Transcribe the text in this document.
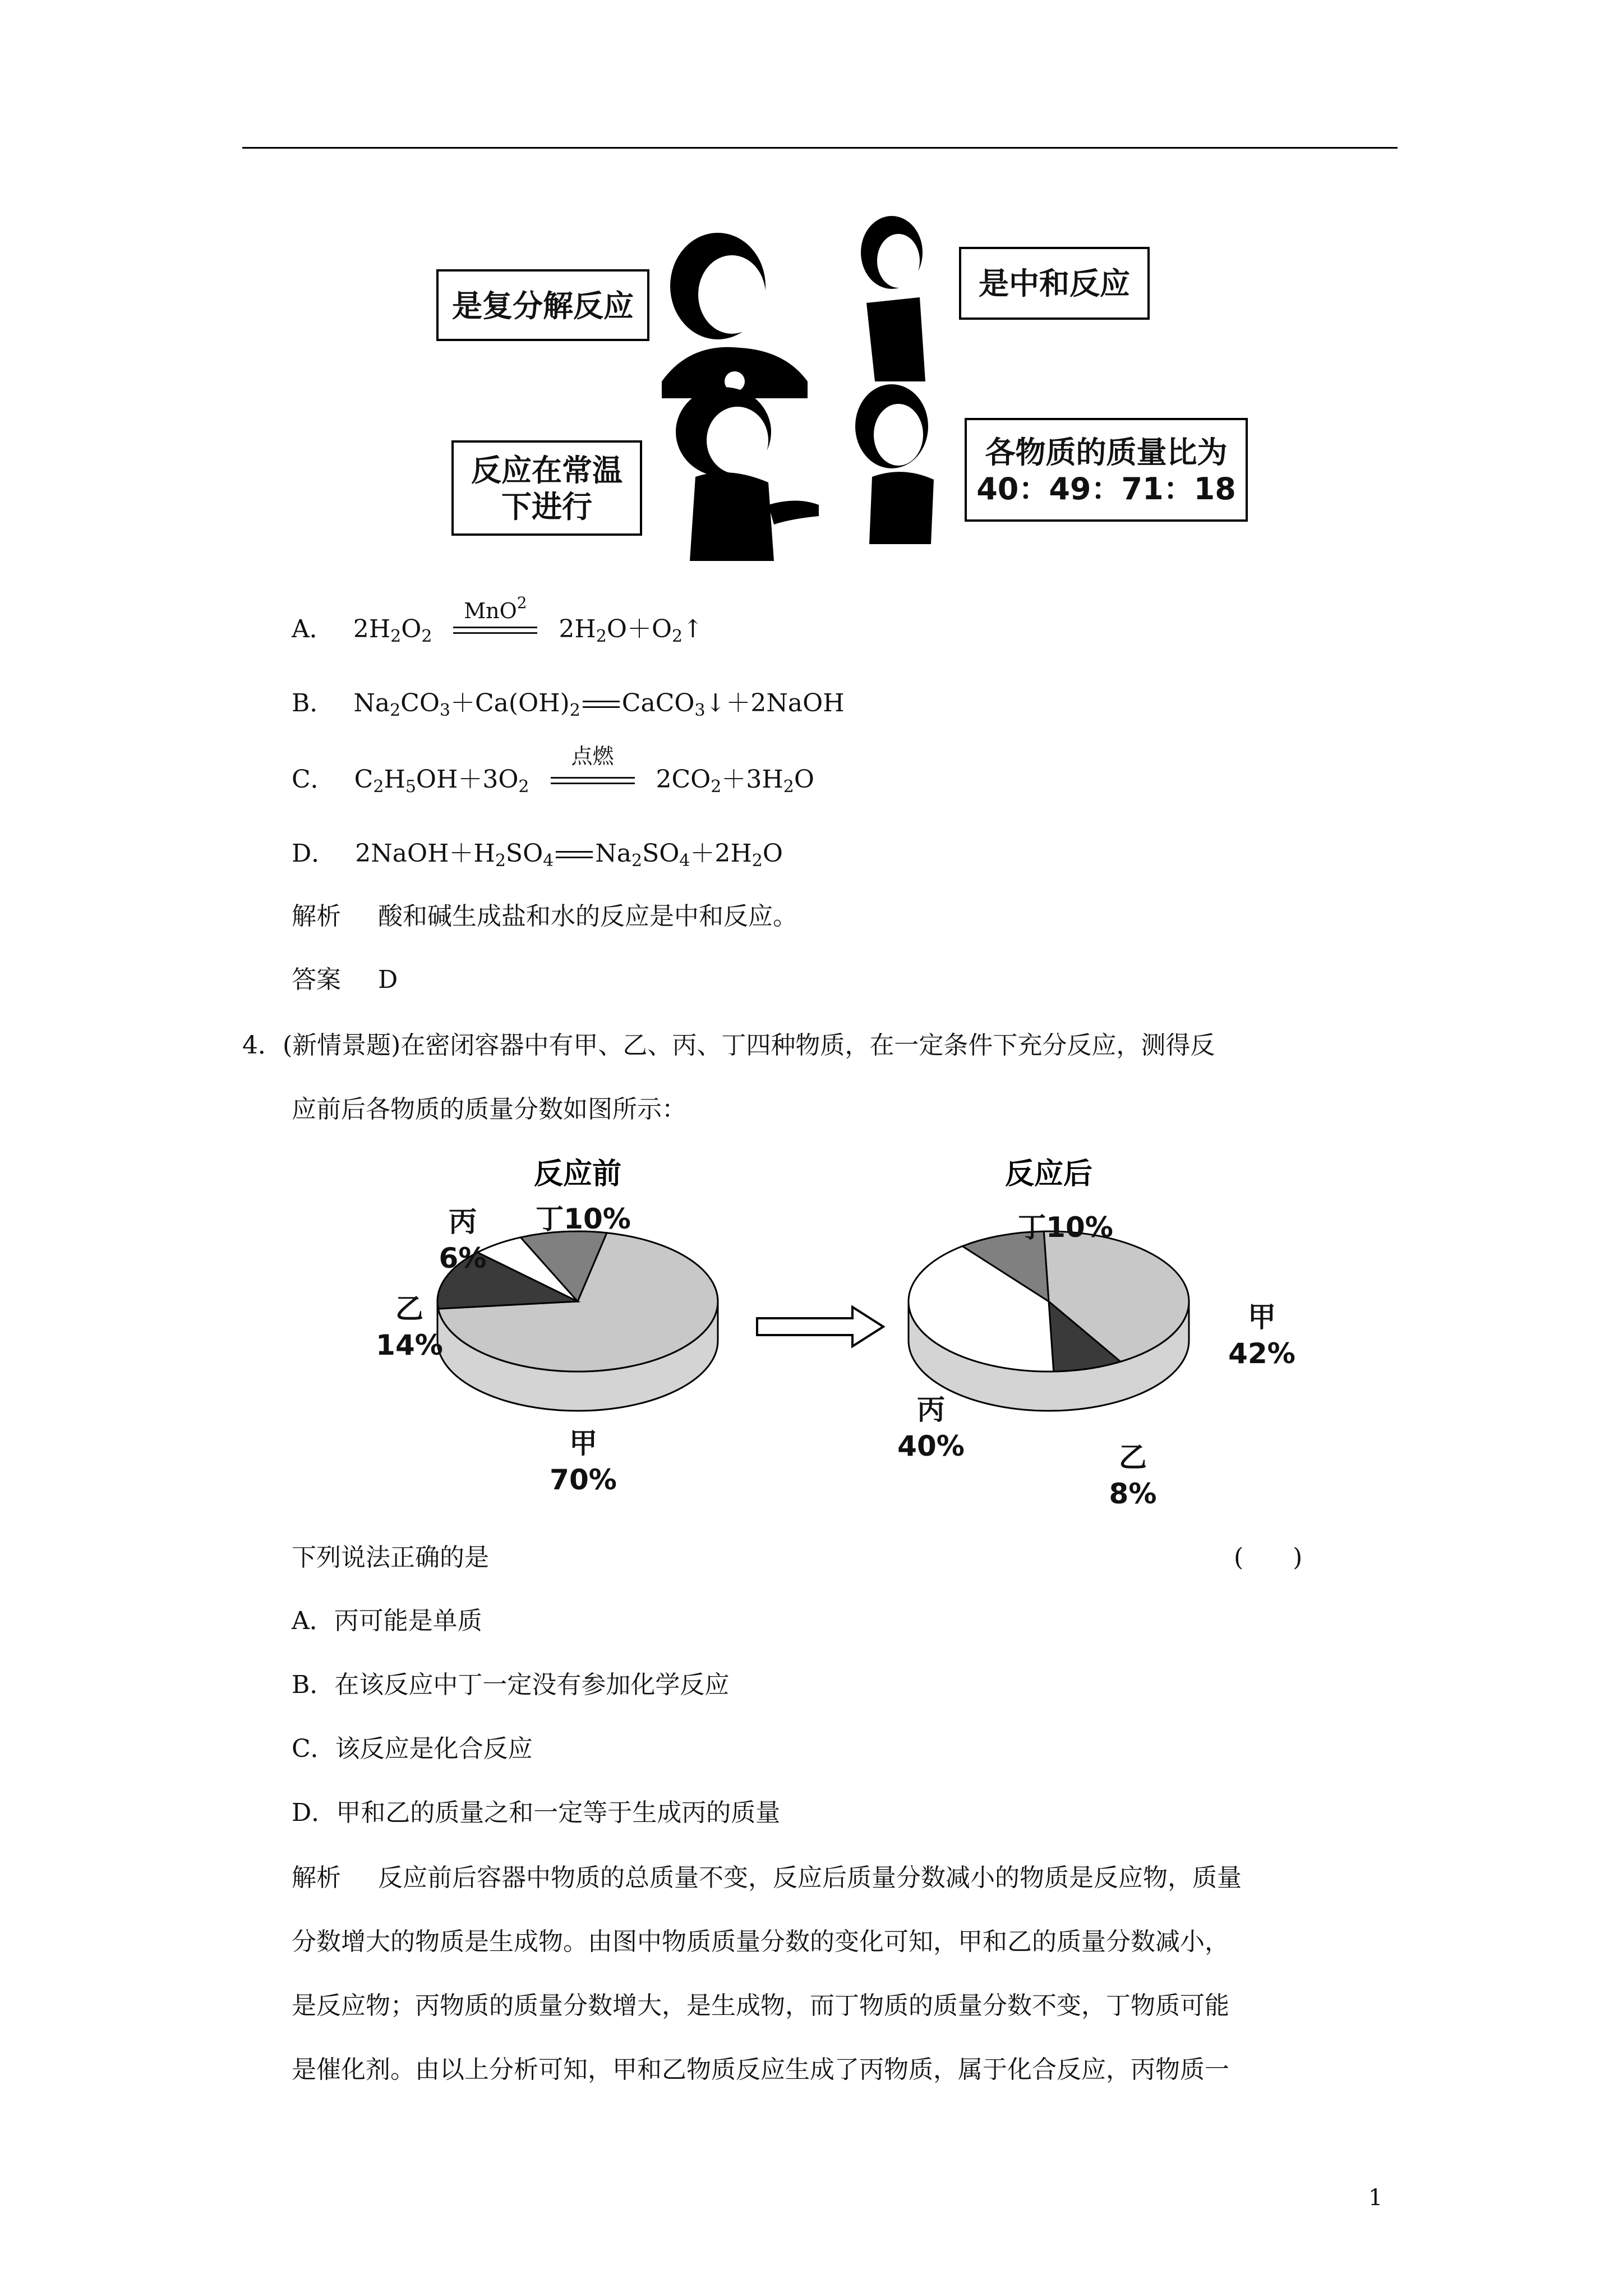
是复分解反应
是中和反应
反应在常温
下进行
各物质的质量比为
40：49：71：18
A． $2H_2O_2$
MnO$^2$
$2H_2O+O_2↑$
B． $Na_2CO_3+Ca(OH)_2$ CaCO$_3$↓＋2NaOH
C． $C_2H_5OH+3O_2$
点燃
$2CO_2+3H_2O$
D． $2NaOH+H_2SO_4$ $Na_2SO_4+2H_2O$
解析 酸和碱生成盐和水的反应是中和反应。
答案 D
4．(新情景题)在密闭容器中有甲、乙、丙、丁四种物质，在一定条件下充分反应，测得反
应前后各物质的质量分数如图所示：
反应前	反应后
丙
6%
丁10%
乙
14%
甲
70%
丁10%
甲
42%
丙
40%	乙
8%
下列说法正确的是	(　　)
A．丙可能是单质
B．在该反应中丁一定没有参加化学反应
C．该反应是化合反应
D．甲和乙的质量之和一定等于生成丙的质量
解析 反应前后容器中物质的总质量不变，反应后质量分数减小的物质是反应物，质量
分数增大的物质是生成物。由图中物质质量分数的变化可知，甲和乙的质量分数减小，
是反应物；丙物质的质量分数增大，是生成物，而丁物质的质量分数不变，丁物质可能
是催化剂。由以上分析可知，甲和乙物质反应生成了丙物质，属于化合反应，丙物质一
1
